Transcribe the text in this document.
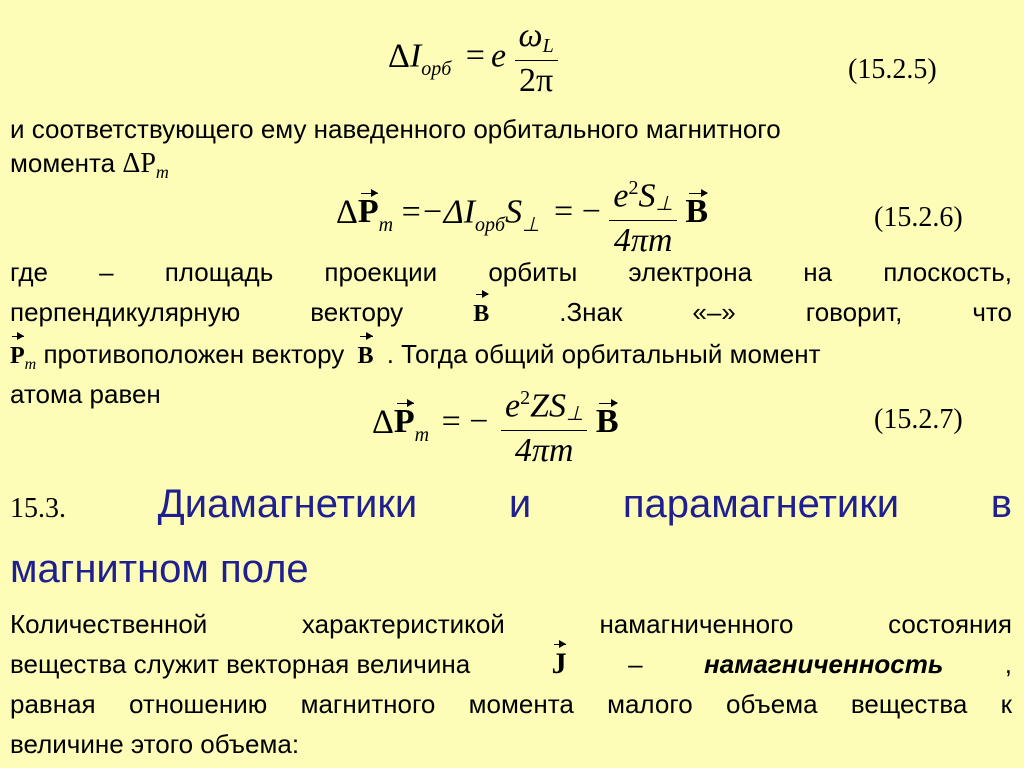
$\Delta I_{орб} = e \frac{\omega L}{2\pi}$	(15.2.5)
и соответствующего ему наведенного орбитального магнитного
момента $\Delta P_m$
$\Delta P_m =-\Delta I_{орб}S_\perp$ = − $\frac{e^2S\perp}{4\pi m}$ B	(15.2.6)
где – площадь проекции орбиты электрона на плоскость,
перпендикулярную	вектору	B	.Знак	«–»	говорит,	что
$P_m$ противоположен вектору B . Тогда общий орбитальный момент
атома равен
$\Delta P_m$ = − $\frac{e^2ZS\perp}{4\pi m}$ B	(15.2.7)
15.3. Диамагнетики и парамагнетики в
магнитном поле
Количественной характеристикой намагниченного состояния
вещества служит векторная величина	J – намагниченность ,
равная отношению магнитного момента малого объема вещества к
величине этого объема:
